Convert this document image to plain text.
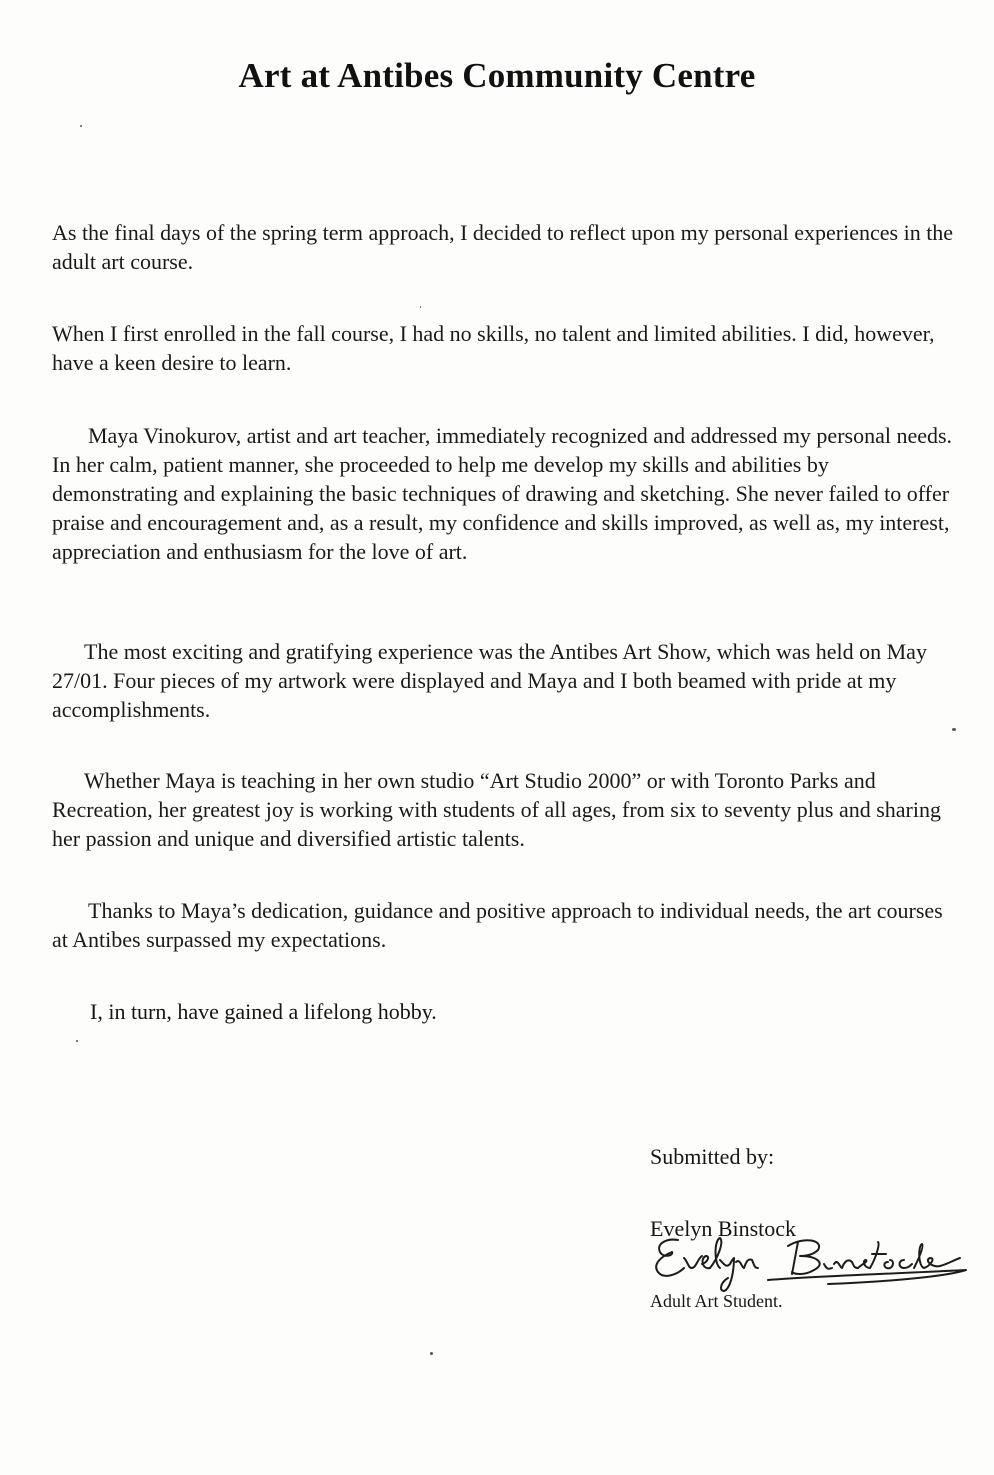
Art at Antibes Community Centre

As the final days of the spring term approach, I decided to reflect upon my personal experiences in the adult art course.

When I first enrolled in the fall course, I had no skills, no talent and limited abilities. I did, however, have a keen desire to learn.

Maya Vinokurov, artist and art teacher, immediately recognized and addressed my personal needs. In her calm, patient manner, she proceeded to help me develop my skills and abilities by demonstrating and explaining the basic techniques of drawing and sketching. She never failed to offer praise and encouragement and, as a result, my confidence and skills improved, as well as, my interest, appreciation and enthusiasm for the love of art.

The most exciting and gratifying experience was the Antibes Art Show, which was held on May 27/01. Four pieces of my artwork were displayed and Maya and I both beamed with pride at my accomplishments.

Whether Maya is teaching in her own studio “Art Studio 2000” or with Toronto Parks and Recreation, her greatest joy is working with students of all ages, from six to seventy plus and sharing her passion and unique and diversified artistic talents.

Thanks to Maya’s dedication, guidance and positive approach to individual needs, the art courses at Antibes surpassed my expectations.

I, in turn, have gained a lifelong hobby.

Submitted by:

Evelyn Binstock

Adult Art Student.
